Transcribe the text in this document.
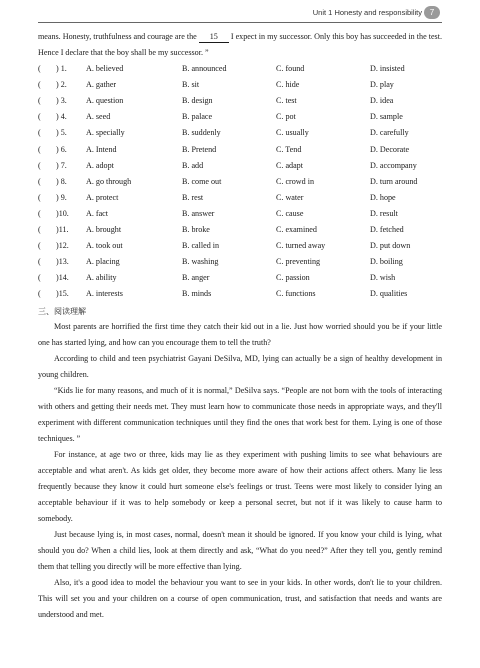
Unit 1 Honesty and responsibility 7

means. Honesty, truthfulness and courage are the 15 I expect in my successor. Only this boy has succeeded in the test. Hence I declare that the boy shall be my successor. ”

(	) 1.	A. believed	B. announced	C. found	D. insisted
(	) 2.	A. gather	B. sit	C. hide	D. play
(	) 3.	A. question	B. design	C. test	D. idea
(	) 4.	A. seed	B. palace	C. pot	D. sample
(	) 5.	A. specially	B. suddenly	C. usually	D. carefully
(	) 6.	A. Intend	B. Pretend	C. Tend	D. Decorate
(	) 7.	A. adopt	B. add	C. adapt	D. accompany
(	) 8.	A. go through	B. come out	C. crowd in	D. turn around
(	) 9.	A. protect	B. rest	C. water	D. hope
(	)10.	A. fact	B. answer	C. cause	D. result
(	)11.	A. brought	B. broke	C. examined	D. fetched
(	)12.	A. took out	B. called in	C. turned away	D. put down
(	)13.	A. placing	B. washing	C. preventing	D. boiling
(	)14.	A. ability	B. anger	C. passion	D. wish
(	)15.	A. interests	B. minds	C. functions	D. qualities
三、阅读理解

Most parents are horrified the first time they catch their kid out in a lie. Just how worried should you be if your little one has started lying, and how can you encourage them to tell the truth?

According to child and teen psychiatrist Gayani DeSilva, MD, lying can actually be a sign of healthy development in young children.

“Kids lie for many reasons, and much of it is normal,” DeSilva says. “People are not born with the tools of interacting with others and getting their needs met. They must learn how to communicate those needs in appropriate ways, and they'll experiment with different communication techniques until they find the ones that work best for them. Lying is one of those techniques. ”

For instance, at age two or three, kids may lie as they experiment with pushing limits to see what behaviours are acceptable and what aren't. As kids get older, they become more aware of how their actions affect others. Many lie less frequently because they know it could hurt someone else's feelings or trust. Teens were most likely to consider lying an acceptable behaviour if it was to help somebody or keep a personal secret, but not if it was likely to cause harm to somebody.

Just because lying is, in most cases, normal, doesn't mean it should be ignored. If you know your child is lying, what should you do? When a child lies, look at them directly and ask, “What do you need?” After they tell you, gently remind them that telling you directly will be more effective than lying.

Also, it's a good idea to model the behaviour you want to see in your kids. In other words, don't lie to your children. This will set you and your children on a course of open communication, trust, and satisfaction that needs and wants are understood and met.
